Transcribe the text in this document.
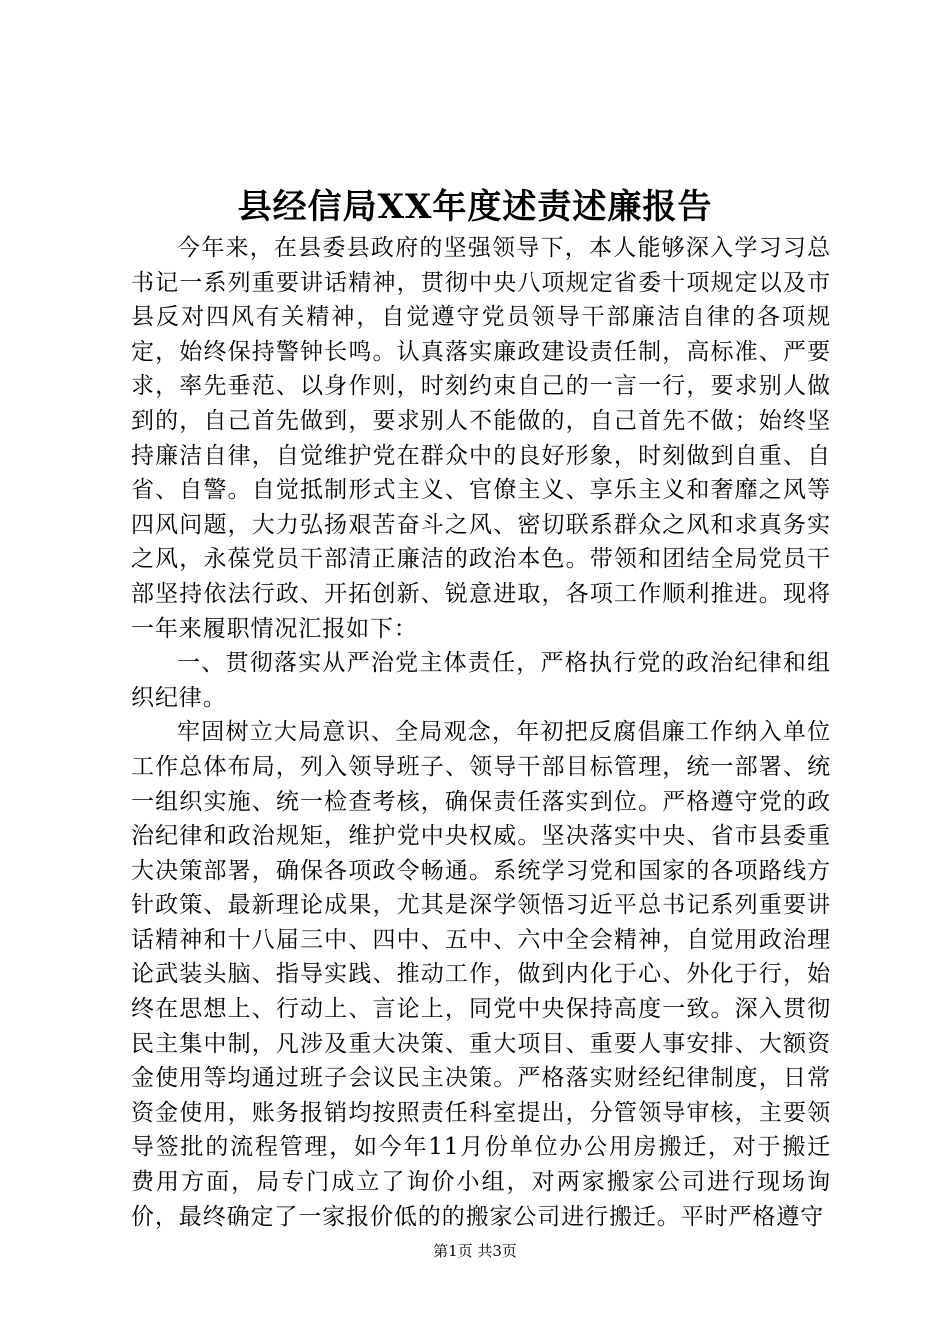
县经信局XX年度述责述廉报告

今年来，在县委县政府的坚强领导下，本人能够深入学习习总书记一系列重要讲话精神，贯彻中央八项规定省委十项规定以及市县反对四风有关精神，自觉遵守党员领导干部廉洁自律的各项规定，始终保持警钟长鸣。认真落实廉政建设责任制，高标准、严要求，率先垂范、以身作则，时刻约束自己的一言一行，要求别人做到的，自己首先做到，要求别人不能做的，自己首先不做；始终坚持廉洁自律，自觉维护党在群众中的良好形象，时刻做到自重、自省、自警。自觉抵制形式主义、官僚主义、享乐主义和奢靡之风等四风问题，大力弘扬艰苦奋斗之风、密切联系群众之风和求真务实之风，永葆党员干部清正廉洁的政治本色。带领和团结全局党员干部坚持依法行政、开拓创新、锐意进取，各项工作顺利推进。现将一年来履职情况汇报如下：

一、贯彻落实从严治党主体责任，严格执行党的政治纪律和组织纪律。

牢固树立大局意识、全局观念，年初把反腐倡廉工作纳入单位工作总体布局，列入领导班子、领导干部目标管理，统一部署、统一组织实施、统一检查考核，确保责任落实到位。严格遵守党的政治纪律和政治规矩，维护党中央权威。坚决落实中央、省市县委重大决策部署，确保各项政令畅通。系统学习党和国家的各项路线方针政策、最新理论成果，尤其是深学领悟习近平总书记系列重要讲话精神和十八届三中、四中、五中、六中全会精神，自觉用政治理论武装头脑、指导实践、推动工作，做到内化于心、外化于行，始终在思想上、行动上、言论上，同党中央保持高度一致。深入贯彻民主集中制，凡涉及重大决策、重大项目、重要人事安排、大额资金使用等均通过班子会议民主决策。严格落实财经纪律制度，日常资金使用，账务报销均按照责任科室提出，分管领导审核，主要领导签批的流程管理，如今年11月份单位办公用房搬迁，对于搬迁费用方面，局专门成立了询价小组，对两家搬家公司进行现场询价，最终确定了一家报价低的的搬家公司进行搬迁。平时严格遵守

第1页 共3页
